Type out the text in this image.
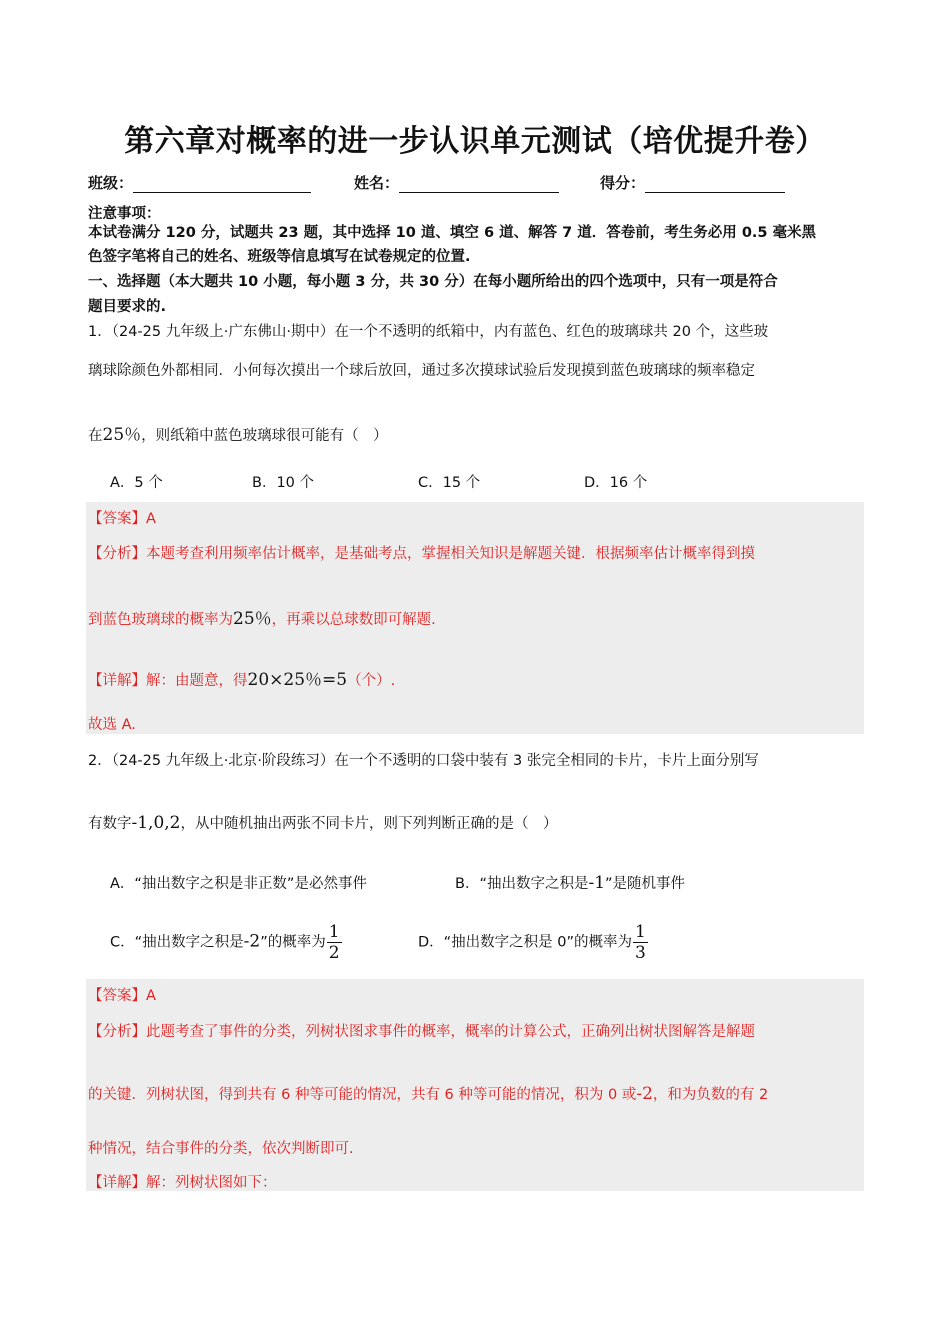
第六章对概率的进一步认识单元测试（培优提升卷）
班级：	姓名：	得分：
注意事项：
本试卷满分 120 分，试题共 23 题，其中选择 10 道、填空 6 道、解答 7 道．答卷前，考生务必用 0.5 毫米黑
色签字笔将自己的姓名、班级等信息填写在试卷规定的位置.
一、选择题（本大题共 10 小题，每小题 3 分，共 30 分）在每小题所给出的四个选项中，只有一项是符合
题目要求的.
1．（24-25 九年级上·广东佛山·期中）在一个不透明的纸箱中，内有蓝色、红色的玻璃球共 20 个，这些玻
璃球除颜色外都相同．小何每次摸出一个球后放回，通过多次摸球试验后发现摸到蓝色玻璃球的频率稳定
在25％，则纸箱中蓝色玻璃球很可能有（　）
A．5 个	B．10 个	C．15 个	D．16 个
【答案】A
【分析】本题考查利用频率估计概率，是基础考点，掌握相关知识是解题关键．根据频率估计概率得到摸
到蓝色玻璃球的概率为25％，再乘以总球数即可解题.
【详解】解：由题意，得20×25％=5（个）.
故选 A.
2．（24-25 九年级上·北京·阶段练习）在一个不透明的口袋中装有 3 张完全相同的卡片，卡片上面分别写
有数字-1,0,2，从中随机抽出两张不同卡片，则下列判断正确的是（　）
A．“抽出数字之积是非正数”是必然事件	B．“抽出数字之积是-1”是随机事件
C．“抽出数字之积是-2”的概率为 $\frac{1}{2}$	D．“抽出数字之积是 0”的概率为 $\frac{1}{3}$
【答案】A
【分析】此题考查了事件的分类，列树状图求事件的概率，概率的计算公式，正确列出树状图解答是解题
的关键．列树状图，得到共有 6 种等可能的情况，共有 6 种等可能的情况，积为 0 或-2，和为负数的有 2
种情况，结合事件的分类，依次判断即可.
【详解】解：列树状图如下：
